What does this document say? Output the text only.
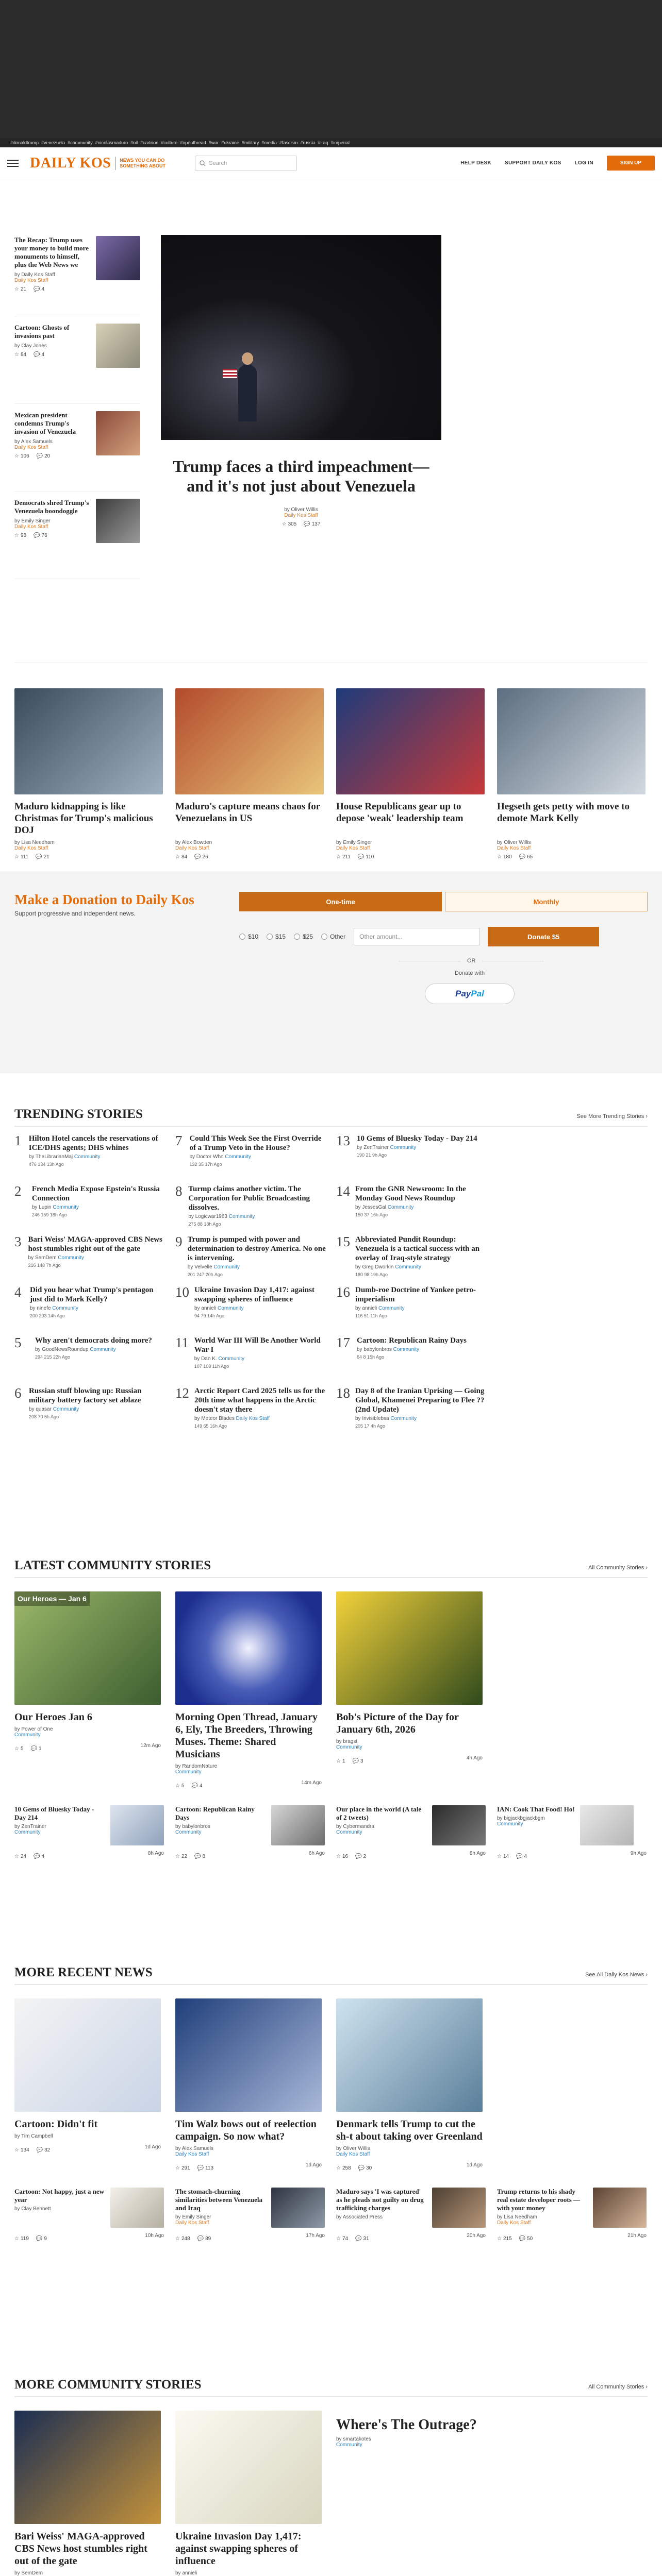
#donaldtrump #venezuela #community #nicolasmaduro #oil #cartoon #culture #openthread #war #ukraine #military #media #fascism #russia #iraq #imperial
DAILY KOS NEWS YOU CAN DO SOMETHING ABOUT	Search	HELP DESK	SUPPORT DAILY KOS	LOG IN	SIGN UP
The Recap: Trump uses your money to build more monuments to himself, plus the Web News we
by Daily Kos Staff
Daily Kos Staff
☆ 21 💬 4
Cartoon: Ghosts of invasions past
by Clay Jones
☆ 84 💬 4
Mexican president condemns Trump's invasion of Venezuela
by Alex Samuels
Daily Kos Staff
☆ 106 💬 20
Democrats shred Trump's Venezuela boondoggle
by Emily Singer
Daily Kos Staff
☆ 98 💬 76
Trump faces a third impeachment—and it's not just about Venezuela
by Oliver Willis
Daily Kos Staff
☆ 305 💬 137
Maduro kidnapping is like Christmas for Trump's malicious DOJ
by Lisa Needham
Daily Kos Staff
☆ 111 💬 21
Maduro's capture means chaos for Venezuelans in US
by Alex Bowden
Daily Kos Staff
☆ 84 💬 26
House Republicans gear up to depose 'weak' leadership team
by Emily Singer
Daily Kos Staff
☆ 211 💬 110
Hegseth gets petty with move to demote Mark Kelly
by Oliver Willis
Daily Kos Staff
☆ 180 💬 65
Make a Donation to Daily Kos

Support progressive and independent news.

One-time	Monthly
$10	$15	$25	Other	Other amount...	Donate $5
OR
Donate with
Pay Pal
TRENDING STORIES	See More Trending Stories ›
1 Hilton Hotel cancels the reservations of ICE/DHS agents; DHS whines
by TheLibrarianMaj Community
476 134 13h Ago
7 Could This Week See the First Override of a Trump Veto in the House?
by Doctor Who Community
132 35 17h Ago
13 10 Gems of Bluesky Today - Day 214
by ZenTrainer Community
190 21 9h Ago
2	French Media Expose Epstein's Russia Connection
by Lupin Community
246 159 18h Ago
8 Turmp claims another victim. The Corporation for Public Broadcasting dissolves.
by Logicwar1963 Community
275 88 18h Ago
14 From the GNR Newsroom: In the Monday Good News Roundup
by JessesGal Community
150 37 16h Ago
3 Bari Weiss' MAGA-approved CBS News host stumbles right out of the gate
by SemDem Community
216 148 7h Ago
9 Trump is pumped with power and determination to destroy America. No one is intervening.
by Velvelle Community
201 247 20h Ago
15 Abbreviated Pundit Roundup: Venezuela is a tactical success with an overlay of Iraq-style strategy
by Greg Dworkin Community
180 98 19h Ago
4	Did you hear what Trump's pentagon just did to Mark Kelly?
by ninefe Community
200 203 14h Ago
10 Ukraine Invasion Day 1,417: against swapping spheres of influence
by annieli Community
94 79 14h Ago
16 Dumb-roe Doctrine of Yankee petro-imperialism
by annieli Community
116 51 11h Ago
5	Why aren't democrats doing more?
by GoodNewsRoundup Community
294 215 22h Ago
11 World War III Will Be Another World War I
by Dan K. Community
107 108 11h Ago
17 Cartoon: Republican Rainy Days
by babylonbros Community
64 8 15h Ago
6 Russian stuff blowing up: Russian military battery factory set ablaze
by quasar Community
208 70 5h Ago
12 Arctic Report Card 2025 tells us for the 20th time what happens in the Arctic doesn't stay there
by Meteor Blades Daily Kos Staff
149 65 16h Ago
18 Day 8 of the Iranian Uprising — Going Global, Khamenei Preparing to Flee ?? (2nd Update)
by Invisiblebsa Community
205 17 4h Ago
LATEST COMMUNITY STORIES	All Community Stories ›
Our Heroes — Jan 6
Our Heroes Jan 6
by Power of One
Community
☆ 5 💬 1
12m Ago
Morning Open Thread, January 6, Ely, The Breeders, Throwing Muses. Theme: Shared Musicians
by RandomNature
Community
☆ 5 💬 4
14m Ago
Bob's Picture of the Day for January 6th, 2026
by bragst
Community
☆ 1 💬 3
4h Ago
10 Gems of Bluesky Today - Day 214
by ZenTrainer
Community
☆ 24 💬 4
8h Ago
Cartoon: Republican Rainy Days
by babylonbros
Community
☆ 22 💬 8
6h Ago
Our place in the world (A tale of 2 tweets)
by Cybermandra
Community
☆ 16 💬 2
8h Ago
IAN: Cook That Food! Ho!
by bigjackbgjackbgm
Community
☆ 14 💬 4
9h Ago
MORE RECENT NEWS	See All Daily Kos News ›
Cartoon: Didn't fit
by Tim Campbell
☆ 134 💬 32
1d Ago
Tim Walz bows out of reelection campaign. So now what?
by Alex Samuels
Daily Kos Staff
☆ 291 💬 113
1d Ago
Denmark tells Trump to cut the sh-t about taking over Greenland
by Oliver Willis
Daily Kos Staff
☆ 258 💬 30
1d Ago
Cartoon: Not happy, just a new year
by Clay Bennett

☆ 119 💬 9
10h Ago
The stomach-churning similarities between Venezuela and Iraq
by Emily Singer
Daily Kos Staff
☆ 248 💬 89
17h Ago
Maduro says 'I was captured' as he pleads not guilty on drug trafficking charges
by Associated Press

☆ 74 💬 31
20h Ago
Trump returns to his shady real estate developer roots — with your money
by Lisa Needham
Daily Kos Staff
☆ 215 💬 50
21h Ago
MORE COMMUNITY STORIES	All Community Stories ›
Bari Weiss' MAGA-approved CBS News host stumbles right out of the gate
by SemDem
Ukraine Invasion Day 1,417: against swapping spheres of influence
by annieli
Where's The Outrage?
by smartakotes
Community
